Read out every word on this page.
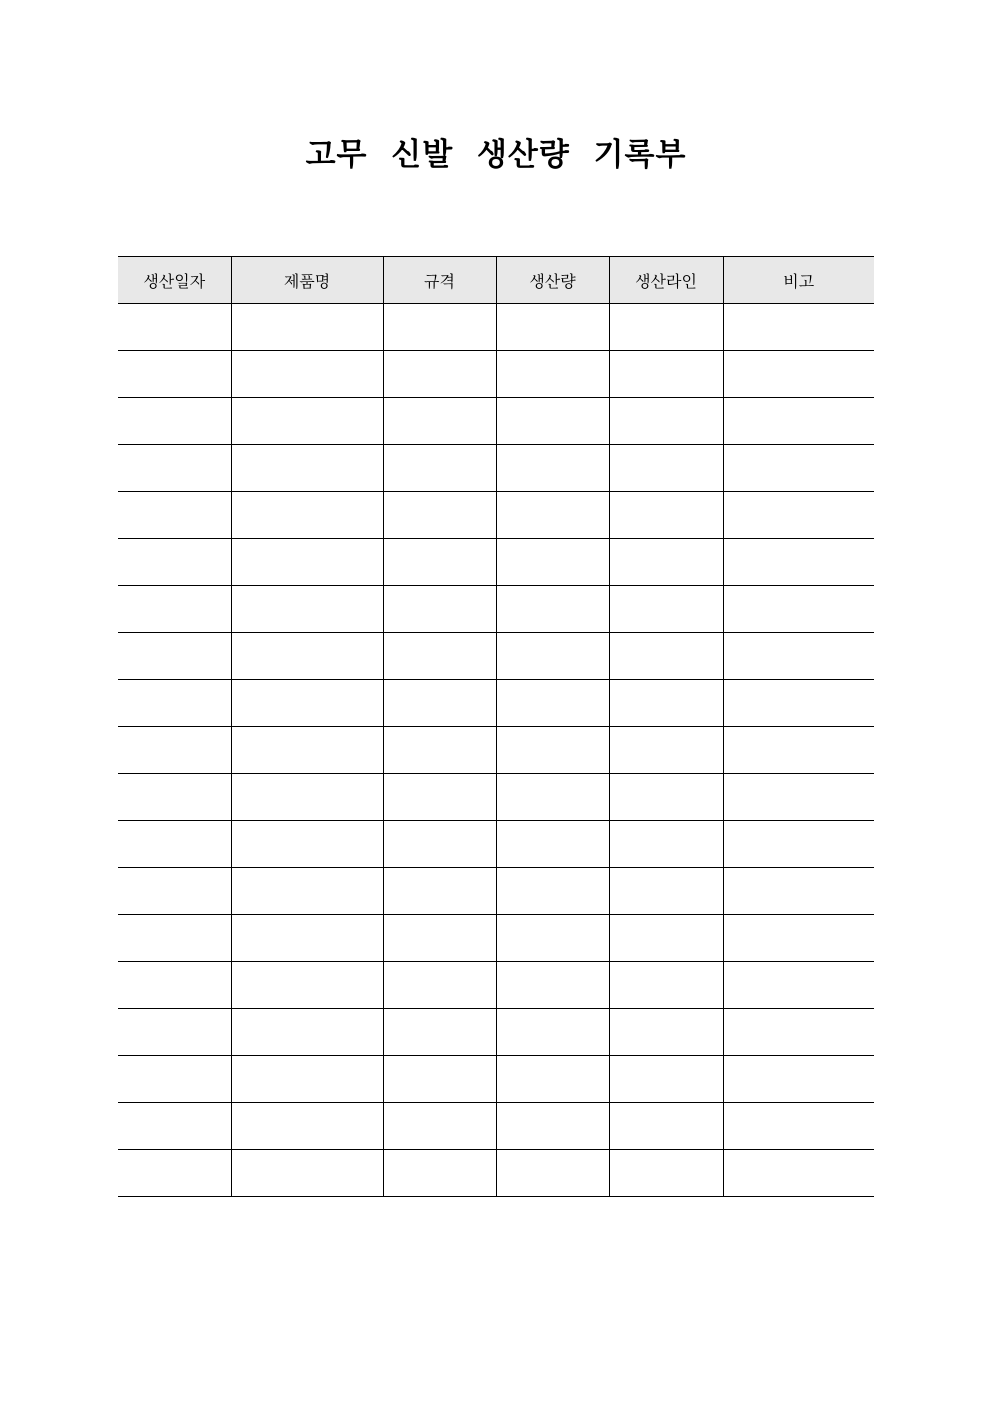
고무 신발 생산량 기록부
생산일자	제품명	규격	생산량	생산라인	비고
